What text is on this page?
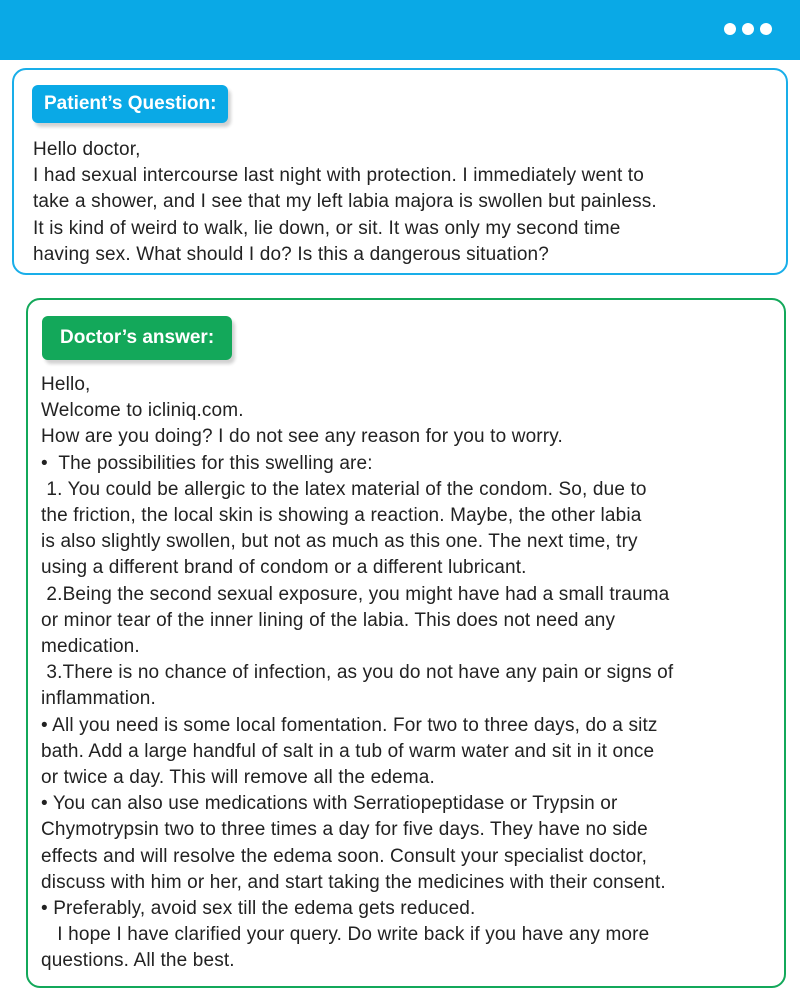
Patient’s Question:
Hello doctor,
I had sexual intercourse last night with protection. I immediately went to
take a shower, and I see that my left labia majora is swollen but painless.
It is kind of weird to walk, lie down, or sit. It was only my second time
having sex. What should I do? Is this a dangerous situation?
Doctor’s answer:
Hello,
Welcome to icliniq.com.
How are you doing? I do not see any reason for you to worry.
•  The possibilities for this swelling are:
1. You could be allergic to the latex material of the condom. So, due to
the friction, the local skin is showing a reaction. Maybe, the other labia
is also slightly swollen, but not as much as this one. The next time, try
using a different brand of condom or a different lubricant.
2.Being the second sexual exposure, you might have had a small trauma
or minor tear of the inner lining of the labia. This does not need any
medication.
3.There is no chance of infection, as you do not have any pain or signs of
inflammation.
• All you need is some local fomentation. For two to three days, do a sitz
bath. Add a large handful of salt in a tub of warm water and sit in it once
or twice a day. This will remove all the edema.
• You can also use medications with Serratiopeptidase or Trypsin or
Chymotrypsin two to three times a day for five days. They have no side
effects and will resolve the edema soon. Consult your specialist doctor,
discuss with him or her, and start taking the medicines with their consent.
• Preferably, avoid sex till the edema gets reduced.
I hope I have clarified your query. Do write back if you have any more
questions. All the best.
